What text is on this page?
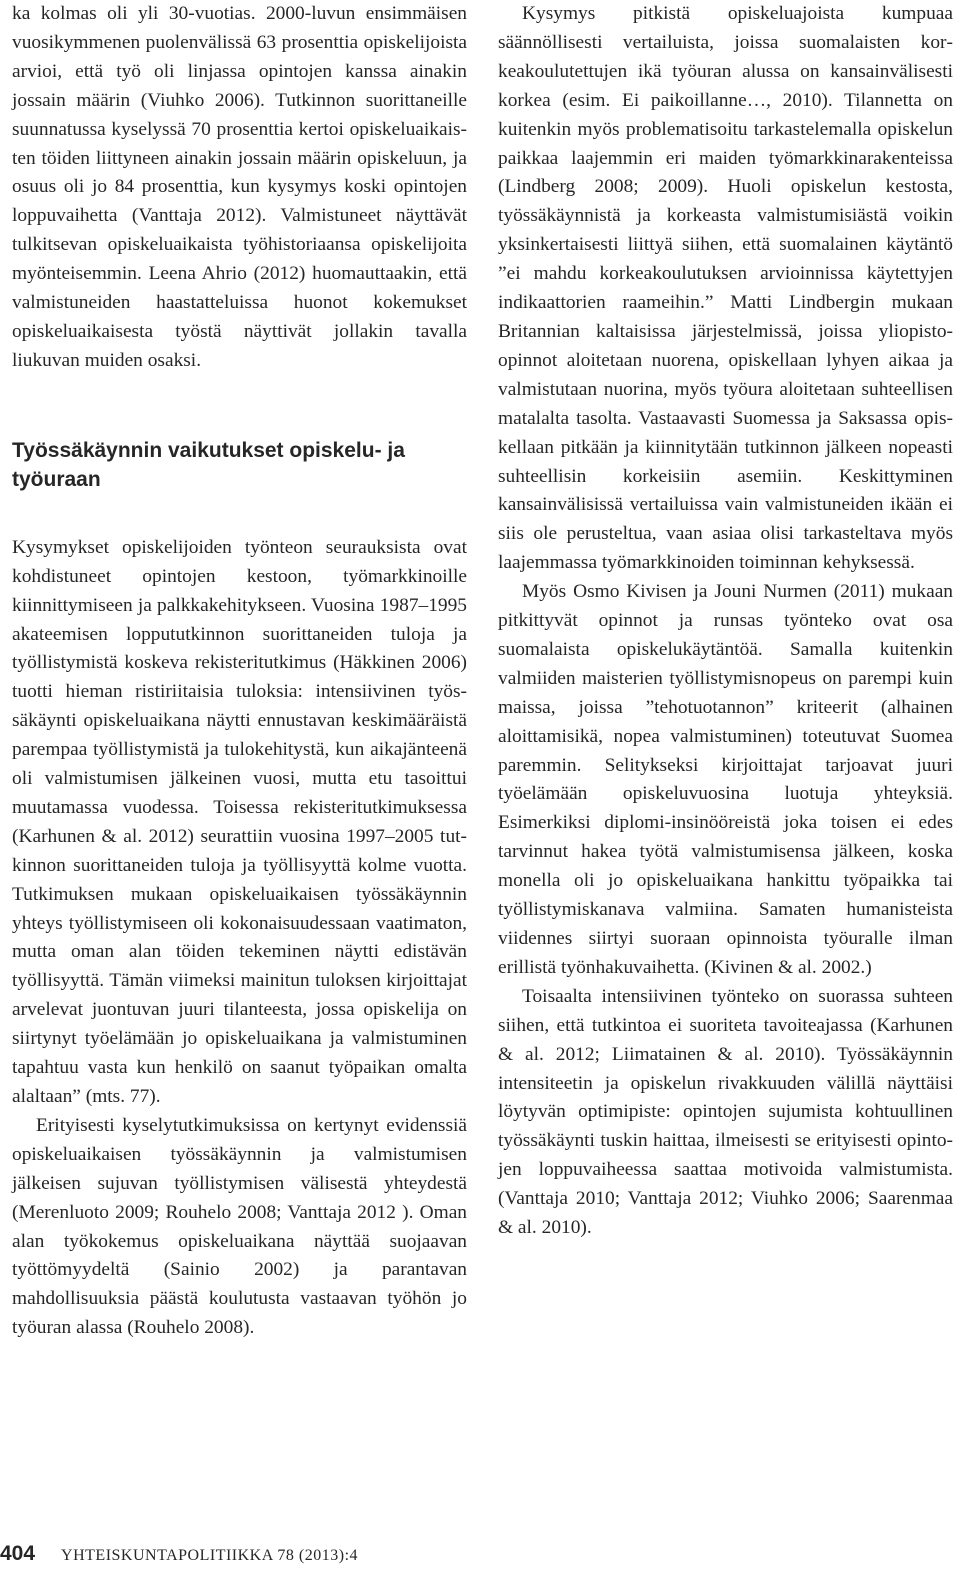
ka kolmas oli yli 30-vuotias. 2000-luvun ensimmäisen vuosikymmenen puolenvälissä 63 prosenttia opiskelijoista arvioi, että työ oli linjassa opintojen kanssa ainakin jossain määrin (Viuhko 2006). Tutkinnon suorittaneille suunnatussa kyselyssä 70 prosenttia kertoi opiskeluaikaisten töiden liittyneen ainakin jossain määrin opiskeluun, ja osuus oli jo 84 prosenttia, kun kysymys koski opintojen loppuvaihetta (Vanttaja 2012). Valmistuneet näyttävät tulkitsevan opiskeluaikaista työhistoriaansa opiskelijoita myönteisemmin. Leena Ahrio (2012) huomauttaakin, että valmistuneiden haastatteluissa huonot kokemukset opiskeluaikaisesta työstä näyttivät jollakin tavalla liukuvan muiden osaksi.

Työssäkäynnin vaikutukset opiskelu- ja työuraan

Kysymykset opiskelijoiden työnteon seurauksista ovat kohdistuneet opintojen kestoon, työmarkkinoille kiinnittymiseen ja palkkakehitykseen. Vuosina 1987–1995 akateemisen loppututkinnon suorittaneiden tuloja ja työllistymistä koskeva rekisteritutkimus (Häkkinen 2006) tuotti hieman ristiriitaisia tuloksia: intensiivinen työssäkäynti opiskeluaikana näytti ennustavan keskimääräistä parempaa työllistymistä ja tulokehitystä, kun aikajänteenä oli valmistumisen jälkeinen vuosi, mutta etu tasoittui muutamassa vuodessa. Toisessa rekisteritutkimuksessa (Karhunen & al. 2012) seurattiin vuosina 1997–2005 tutkinnon suorittaneiden tuloja ja työllisyyttä kolme vuotta. Tutkimuksen mukaan opiskeluaikaisen työssäkäynnin yhteys työllistymiseen oli kokonaisuudessaan vaatimaton, mutta oman alan töiden tekeminen näytti edistävän työllisyyttä. Tämän viimeksi mainitun tuloksen kirjoittajat arvelevat juontuvan juuri tilanteesta, jossa opiskelija on siirtynyt työelämään jo opiskeluaikana ja valmistuminen tapahtuu vasta kun henkilö on saanut työpaikan omalta alaltaan” (mts. 77).

Erityisesti kyselytutkimuksissa on kertynyt evidenssiä opiskeluaikaisen työssäkäynnin ja valmistumisen jälkeisen sujuvan työllistymisen välisestä yhteydestä (Merenluoto 2009; Rouhelo 2008; Vanttaja 2012 ). Oman alan työkokemus opiskeluaikana näyttää suojaavan työttömyydeltä (Sainio 2002) ja parantavan mahdollisuuksia päästä koulutusta vastaavan työhön jo työuran alassa (Rouhelo 2008).

Kysymys pitkistä opiskeluajoista kumpuaa säännöllisesti vertailuista, joissa suomalaisten korkeakoulutettujen ikä työuran alussa on kansainvälisesti korkea (esim. Ei paikoillanne…, 2010). Tilannetta on kuitenkin myös problematisoitu tarkastelemalla opiskelun paikkaa laajemmin eri maiden työmarkkinarakenteissa (Lindberg 2008; 2009). Huoli opiskelun kestosta, työssäkäynnistä ja korkeasta valmistumisiästä voikin yksinkertaisesti liittyä siihen, että suomalainen käytäntö ”ei mahdu korkeakoulutuksen arvioinnissa käytettyjen indikaattorien raameihin.” Matti Lindbergin mukaan Britannian kaltaisissa järjestelmissä, joissa yliopisto-opinnot aloitetaan nuorena, opiskellaan lyhyen aikaa ja valmistutaan nuorina, myös työura aloitetaan suhteellisen matalalta tasolta. Vastaavasti Suomessa ja Saksassa opiskellaan pitkään ja kiinnitytään tutkinnon jälkeen nopeasti suhteellisin korkeisiin asemiin. Keskittyminen kansainvälisissä vertailuissa vain valmistuneiden ikään ei siis ole perusteltua, vaan asiaa olisi tarkasteltava myös laajemmassa työmarkkinoiden toiminnan kehyksessä.

Myös Osmo Kivisen ja Jouni Nurmen (2011) mukaan pitkittyvät opinnot ja runsas työnteko ovat osa suomalaista opiskelukäytäntöä. Samalla kuitenkin valmiiden maisterien työllistymisnopeus on parempi kuin maissa, joissa ”tehotuotannon” kriteerit (alhainen aloittamisikä, nopea valmistuminen) toteutuvat Suomea paremmin. Selitykseksi kirjoittajat tarjoavat juuri työelämään opiskeluvuosina luotuja yhteyksiä. Esimerkiksi diplomi-insinööreistä joka toisen ei edes tarvinnut hakea työtä valmistumisensa jälkeen, koska monella oli jo opiskeluaikana hankittu työpaikka tai työllistymiskanava valmiina. Samaten humanisteista viidennes siirtyi suoraan opinnoista työuralle ilman erillistä työnhakuvaihetta. (Kivinen & al. 2002.)

Toisaalta intensiivinen työnteko on suorassa suhteen siihen, että tutkintoa ei suoriteta tavoiteajassa (Karhunen & al. 2012; Liimatainen & al. 2010). Työssäkäynnin intensiteetin ja opiskelun rivakkuuden välillä näyttäisi löytyvän optimipiste: opintojen sujumista kohtuullinen työssäkäynti tuskin haittaa, ilmeisesti se erityisesti opintojen loppuvaiheessa saattaa motivoida valmistumista. (Vanttaja 2010; Vanttaja 2012; Viuhko 2006; Saarenmaa & al. 2010).

404 YHTEISKUNTAPOLITIIKKA 78 (2013):4
